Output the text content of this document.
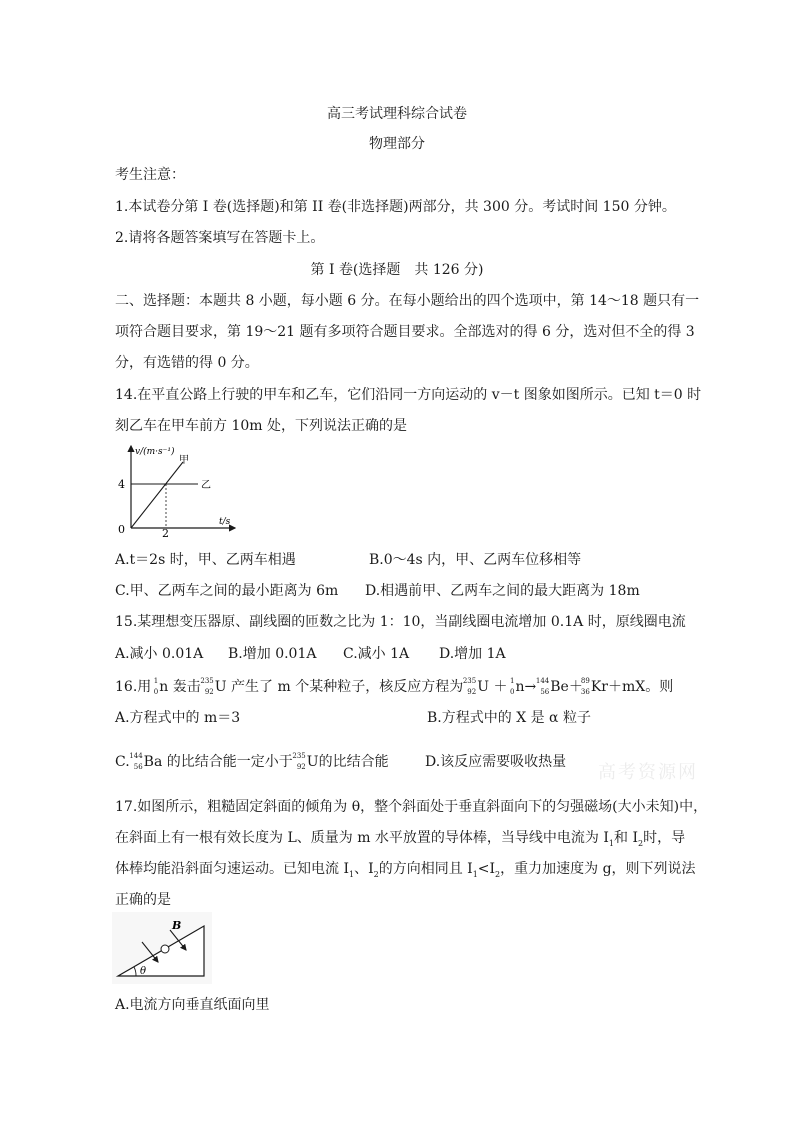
高三考试理科综合试卷
物理部分
考生注意：
1.本试卷分第 I 卷(选择题)和第 II 卷(非选择题)两部分，共 300 分。考试时间 150 分钟。
2.请将各题答案填写在答题卡上。
第 I 卷(选择题　共 126 分)
二、选择题：本题共 8 小题，每小题 6 分。在每小题给出的四个选项中，第 14～18 题只有一
项符合题目要求，第 19～21 题有多项符合题目要求。全部选对的得 6 分，选对但不全的得 3
分，有选错的得 0 分。
14.在平直公路上行驶的甲车和乙车，它们沿同一方向运动的 v－t 图象如图所示。已知 t＝0 时
刻乙车在甲车前方 10m 处，下列说法正确的是
v/(m·s⁻¹)
甲
乙
4
0	2
t/s
A.t＝2s 时，甲、乙两车相遇	B.0～4s 内，甲、乙两车位移相等
C.甲、乙两车之间的最小距离为 6m D.相遇前甲、乙两车之间的最大距离为 18m
15.某理想变压器原、副线圈的匝数之比为 1：10，当副线圈电流增加 0.1A 时，原线圈电流
A.减小 0.01A B.增加 0.01A C.减小 1A D.增加 1A
16.用 1
0 n 轰击 235
92 U 产生了 m 个某种粒子，核反应方程为 235
92 U ＋ 1
0 n→ 144
56 Be＋
89
36 Kr＋mX。则
A.方程式中的 m＝3	B.方程式中的 X 是 α 粒子
C. 144
56 Ba 的比结合能一定小于 235
92 U的比结合能	D.该反应需要吸收热量 高考资源网
17.如图所示，粗糙固定斜面的倾角为 θ，整个斜面处于垂直斜面向下的匀强磁场(大小未知)中，
在斜面上有一根有效长度为 L、质量为 m 水平放置的导体棒，当导线中电流为 $I_1$和 $I_2$时，导
体棒均能沿斜面匀速运动。已知电流 $I_1$、$I_2$的方向相同且 $I_1<I_2$，重力加速度为 g，则下列说法
正确的是
θ
B
A.电流方向垂直纸面向里
